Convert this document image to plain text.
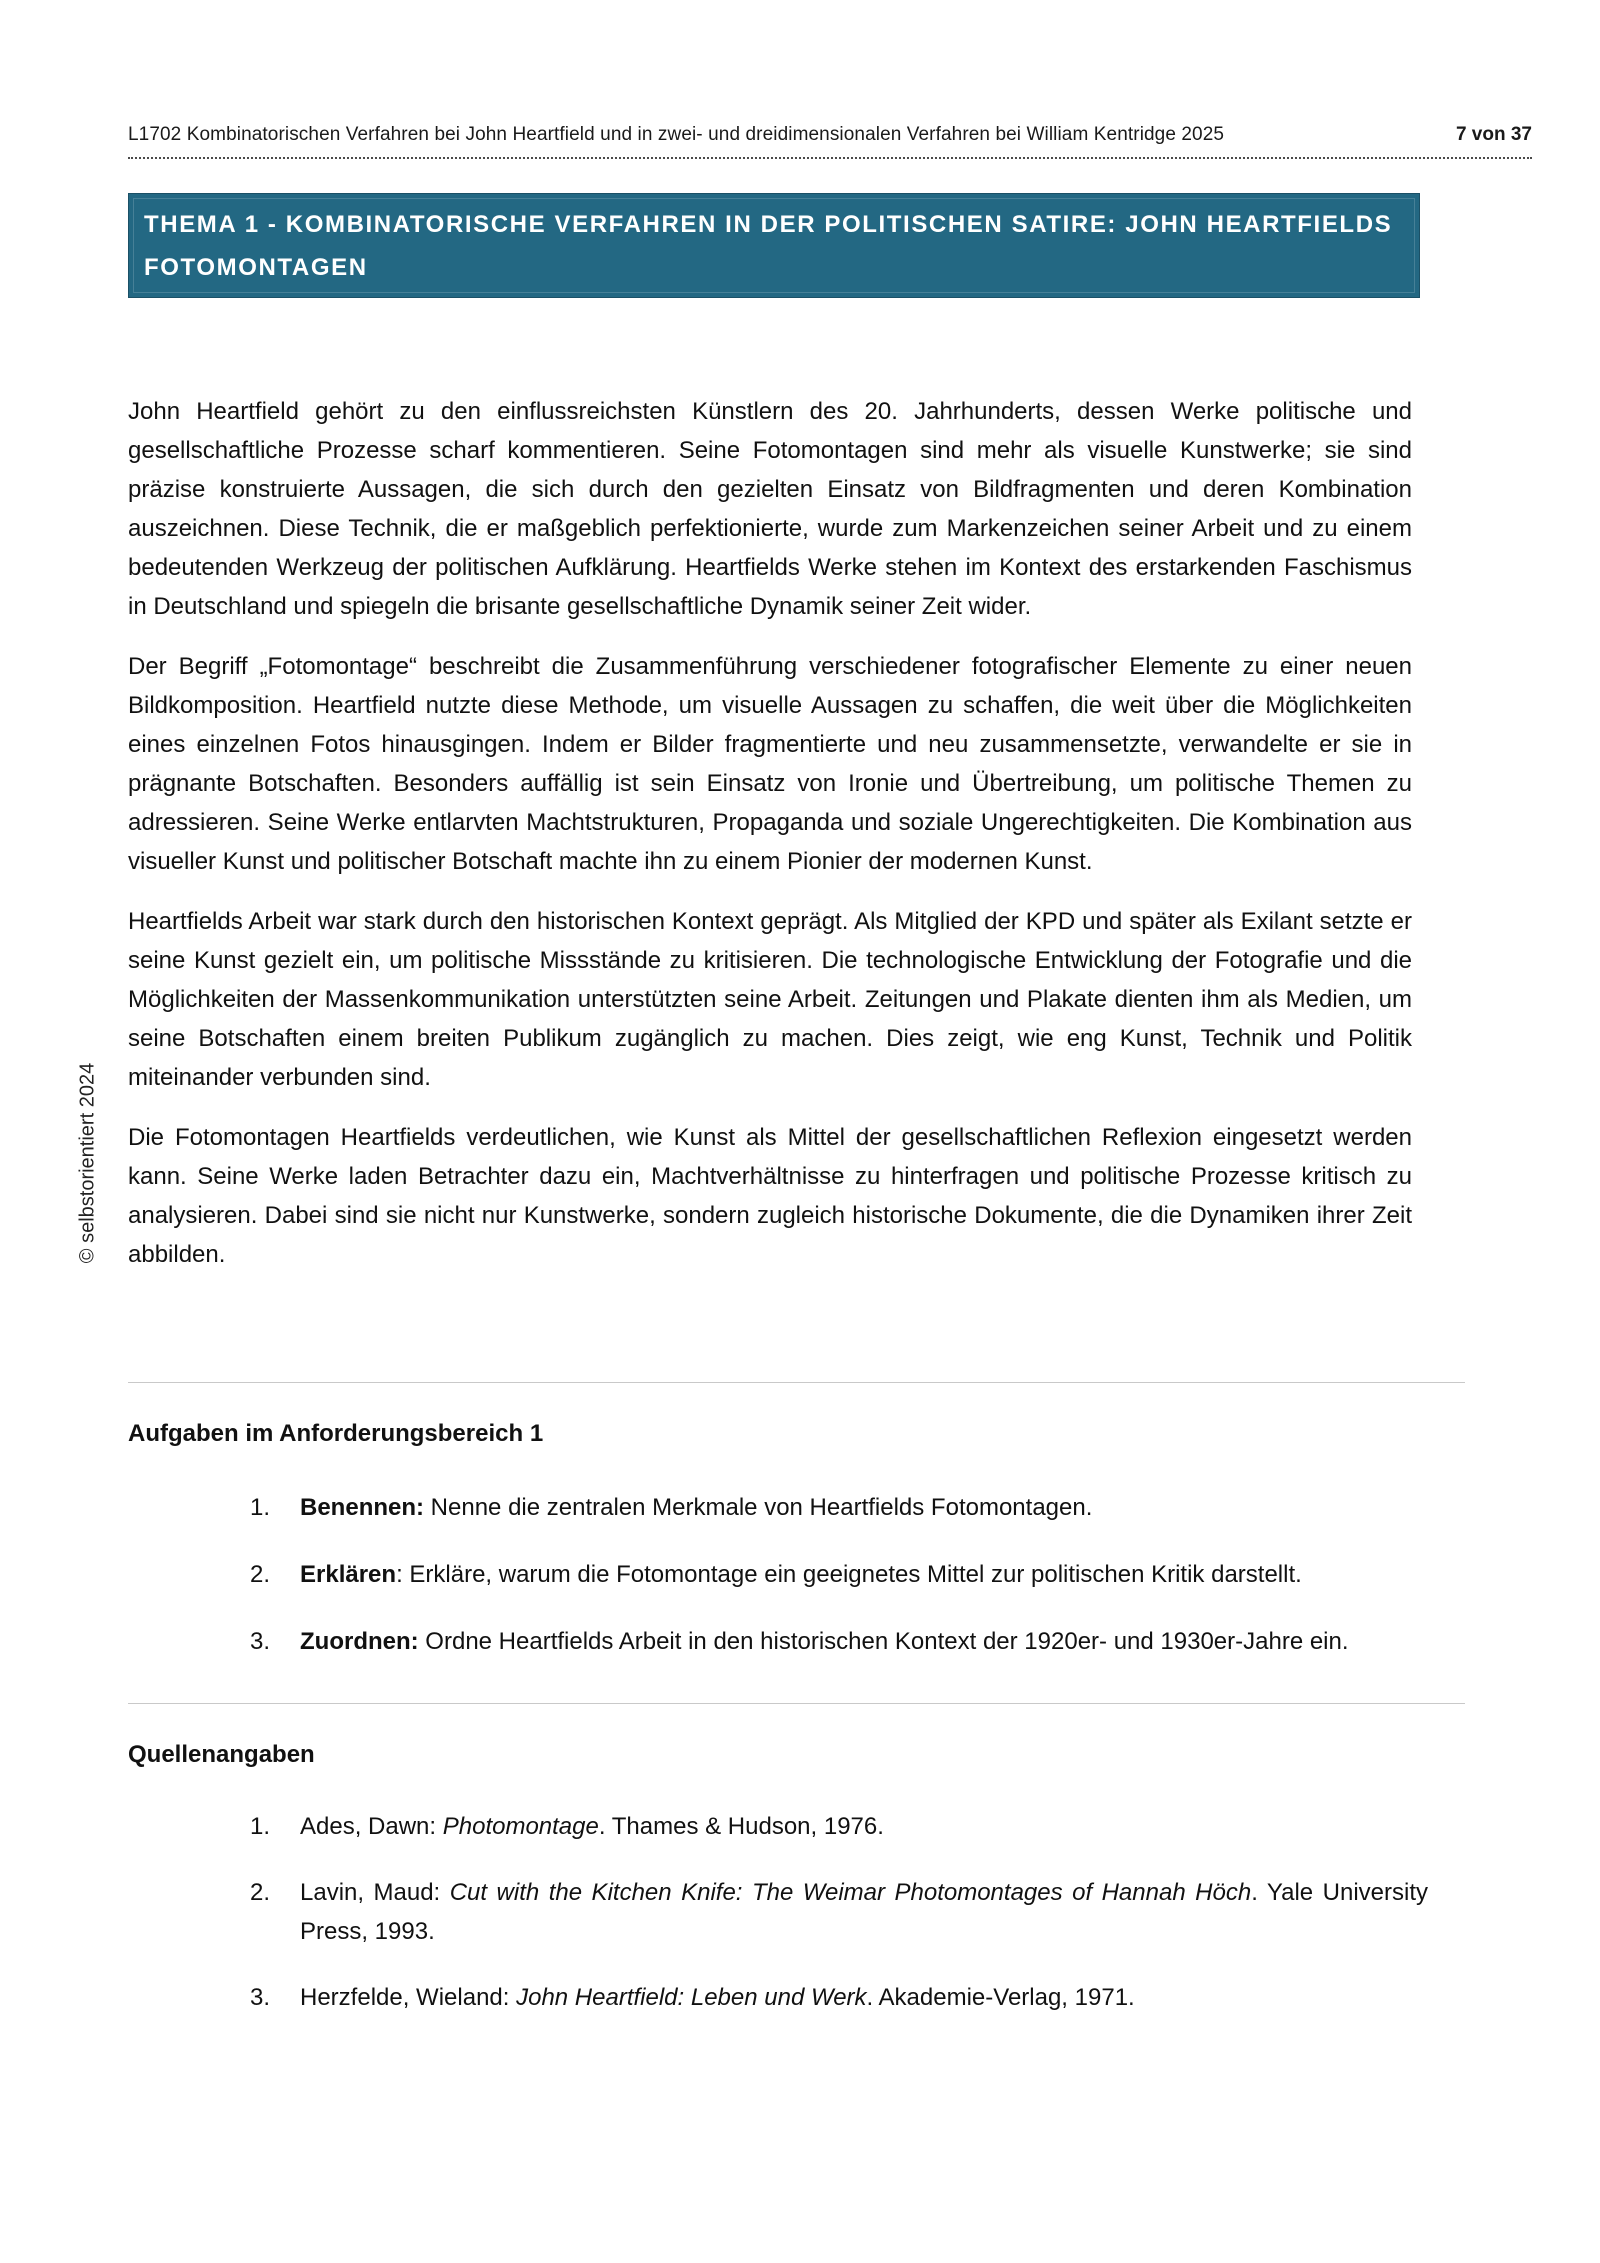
L1702 Kombinatorischen Verfahren bei John Heartfield und in zwei- und dreidimensionalen Verfahren bei William Kentridge 2025	7 von 37
THEMA 1 - KOMBINATORISCHE VERFAHREN IN DER POLITISCHEN SATIRE: JOHN HEARTFIELDS FOTOMONTAGEN
© selbstorientiert 2024

John Heartfield gehört zu den einflussreichsten Künstlern des 20. Jahrhunderts, dessen Werke politische und gesellschaftliche Prozesse scharf kommentieren. Seine Fotomontagen sind mehr als visuelle Kunstwerke; sie sind präzise konstruierte Aussagen, die sich durch den gezielten Einsatz von Bildfragmenten und deren Kombination auszeichnen. Diese Technik, die er maßgeblich perfektionierte, wurde zum Markenzeichen seiner Arbeit und zu einem bedeutenden Werkzeug der politischen Aufklärung. Heartfields Werke stehen im Kontext des erstarkenden Faschismus in Deutschland und spiegeln die brisante gesellschaftliche Dynamik seiner Zeit wider.

Der Begriff „Fotomontage“ beschreibt die Zusammenführung verschiedener fotografischer Elemente zu einer neuen Bildkomposition. Heartfield nutzte diese Methode, um visuelle Aussagen zu schaffen, die weit über die Möglichkeiten eines einzelnen Fotos hinausgingen. Indem er Bilder fragmentierte und neu zusammensetzte, verwandelte er sie in prägnante Botschaften. Besonders auffällig ist sein Einsatz von Ironie und Übertreibung, um politische Themen zu adressieren. Seine Werke entlarvten Machtstrukturen, Propaganda und soziale Ungerechtigkeiten. Die Kombination aus visueller Kunst und politischer Botschaft machte ihn zu einem Pionier der modernen Kunst.

Heartfields Arbeit war stark durch den historischen Kontext geprägt. Als Mitglied der KPD und später als Exilant setzte er seine Kunst gezielt ein, um politische Missstände zu kritisieren. Die technologische Entwicklung der Fotografie und die Möglichkeiten der Massenkommunikation unterstützten seine Arbeit. Zeitungen und Plakate dienten ihm als Medien, um seine Botschaften einem breiten Publikum zugänglich zu machen. Dies zeigt, wie eng Kunst, Technik und Politik miteinander verbunden sind.

Die Fotomontagen Heartfields verdeutlichen, wie Kunst als Mittel der gesellschaftlichen Reflexion eingesetzt werden kann. Seine Werke laden Betrachter dazu ein, Machtverhältnisse zu hinterfragen und politische Prozesse kritisch zu analysieren. Dabei sind sie nicht nur Kunstwerke, sondern zugleich historische Dokumente, die die Dynamiken ihrer Zeit abbilden.

Aufgaben im Anforderungsbereich 1
1.	Benennen: Nenne die zentralen Merkmale von Heartfields Fotomontagen.
2.	Erklären: Erkläre, warum die Fotomontage ein geeignetes Mittel zur politischen Kritik darstellt.
3.	Zuordnen: Ordne Heartfields Arbeit in den historischen Kontext der 1920er- und 1930er-Jahre ein.
Quellenangaben
1.	Ades, Dawn: Photomontage. Thames & Hudson, 1976.
2.	Lavin, Maud: Cut with the Kitchen Knife: The Weimar Photomontages of Hannah Höch. Yale University Press, 1993.
3.	Herzfelde, Wieland: John Heartfield: Leben und Werk. Akademie-Verlag, 1971.
